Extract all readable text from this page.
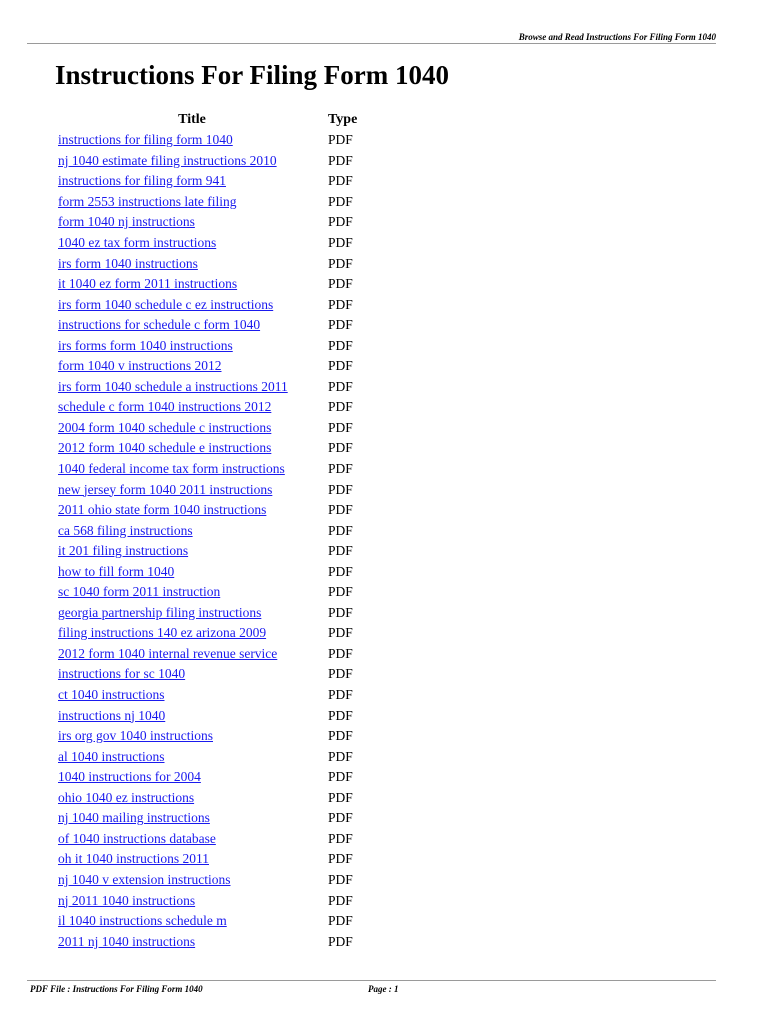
Browse and Read Instructions For Filing Form 1040
Instructions For Filing Form 1040
Title	Type
instructions for filing form 1040	PDF
nj 1040 estimate filing instructions 2010	PDF
instructions for filing form 941	PDF
form 2553 instructions late filing	PDF
form 1040 nj instructions	PDF
1040 ez tax form instructions	PDF
irs form 1040 instructions	PDF
it 1040 ez form 2011 instructions	PDF
irs form 1040 schedule c ez instructions	PDF
instructions for schedule c form 1040	PDF
irs forms form 1040 instructions	PDF
form 1040 v instructions 2012	PDF
irs form 1040 schedule a instructions 2011	PDF
schedule c form 1040 instructions 2012	PDF
2004 form 1040 schedule c instructions	PDF
2012 form 1040 schedule e instructions	PDF
1040 federal income tax form instructions	PDF
new jersey form 1040 2011 instructions	PDF
2011 ohio state form 1040 instructions	PDF
ca 568 filing instructions	PDF
it 201 filing instructions	PDF
how to fill form 1040	PDF
sc 1040 form 2011 instruction	PDF
georgia partnership filing instructions	PDF
filing instructions 140 ez arizona 2009	PDF
2012 form 1040 internal revenue service	PDF
instructions for sc 1040	PDF
ct 1040 instructions	PDF
instructions nj 1040	PDF
irs org gov 1040 instructions	PDF
al 1040 instructions	PDF
1040 instructions for 2004	PDF
ohio 1040 ez instructions	PDF
nj 1040 mailing instructions	PDF
of 1040 instructions database	PDF
oh it 1040 instructions 2011	PDF
nj 1040 v extension instructions	PDF
nj 2011 1040 instructions	PDF
il 1040 instructions schedule m	PDF
2011 nj 1040 instructions	PDF
PDF File : Instructions For Filing Form 1040	Page : 1
